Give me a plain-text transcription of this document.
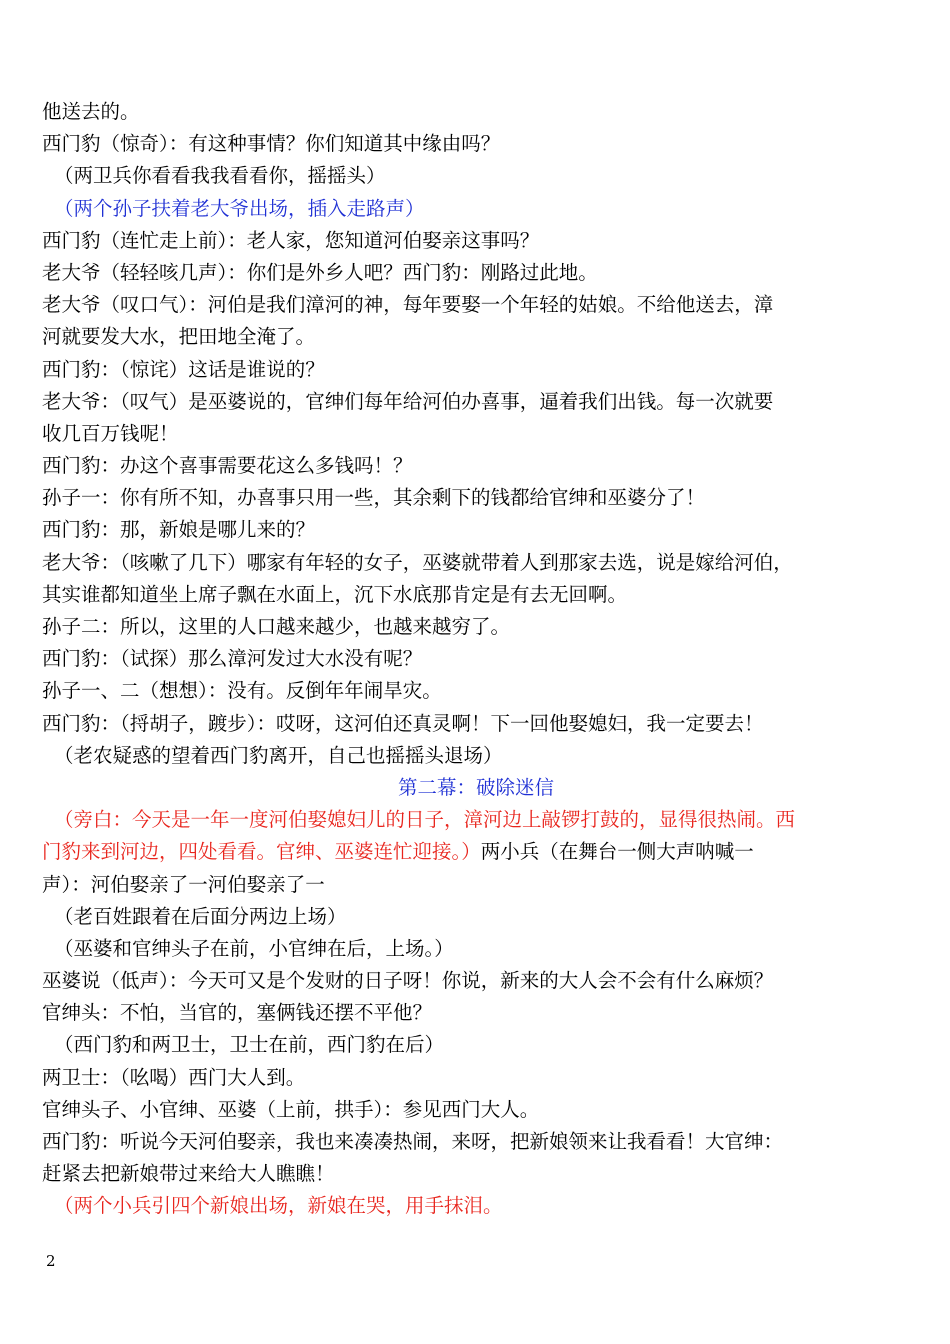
他送去的。
西门豹（惊奇）：有这种事情？你们知道其中缘由吗？
（两卫兵你看看我我看看你，摇摇头）
（两个孙子扶着老大爷出场，插入走路声）
西门豹（连忙走上前）：老人家，您知道河伯娶亲这事吗？
老大爷（轻轻咳几声）：你们是外乡人吧？西门豹：刚路过此地。
老大爷（叹口气）：河伯是我们漳河的神，每年要娶一个年轻的姑娘。不给他送去，漳
河就要发大水，把田地全淹了。
西门豹：（惊诧）这话是谁说的？
老大爷：（叹气）是巫婆说的，官绅们每年给河伯办喜事，逼着我们出钱。每一次就要
收几百万钱呢！
西门豹：办这个喜事需要花这么多钱吗！？
孙子一：你有所不知，办喜事只用一些，其余剩下的钱都给官绅和巫婆分了！
西门豹：那，新娘是哪儿来的？
老大爷：（咳嗽了几下）哪家有年轻的女子，巫婆就带着人到那家去选，说是嫁给河伯，
其实谁都知道坐上席子飘在水面上，沉下水底那肯定是有去无回啊。
孙子二：所以，这里的人口越来越少，也越来越穷了。
西门豹：（试探）那么漳河发过大水没有呢？
孙子一、二（想想）：没有。反倒年年闹旱灾。
西门豹：（捋胡子，踱步）：哎呀，这河伯还真灵啊！下一回他娶媳妇，我一定要去！
（老农疑惑的望着西门豹离开，自己也摇摇头退场）
第二幕：破除迷信
（旁白：今天是一年一度河伯娶媳妇儿的日子，漳河边上敲锣打鼓的，显得很热闹。西
门豹来到河边，四处看看。官绅、巫婆连忙迎接。）两小兵（在舞台一侧大声呐喊一
声）：河伯娶亲了一河伯娶亲了一
（老百姓跟着在后面分两边上场）
（巫婆和官绅头子在前，小官绅在后，上场。）
巫婆说（低声）：今天可又是个发财的日子呀！你说，新来的大人会不会有什么麻烦？
官绅头：不怕，当官的，塞俩钱还摆不平他？
（西门豹和两卫士，卫士在前，西门豹在后）
两卫士：（吆喝）西门大人到。
官绅头子、小官绅、巫婆（上前，拱手）：参见西门大人。
西门豹：听说今天河伯娶亲，我也来凑凑热闹，来呀，把新娘领来让我看看！大官绅：
赶紧去把新娘带过来给大人瞧瞧！
（两个小兵引四个新娘出场，新娘在哭，用手抹泪。
2
